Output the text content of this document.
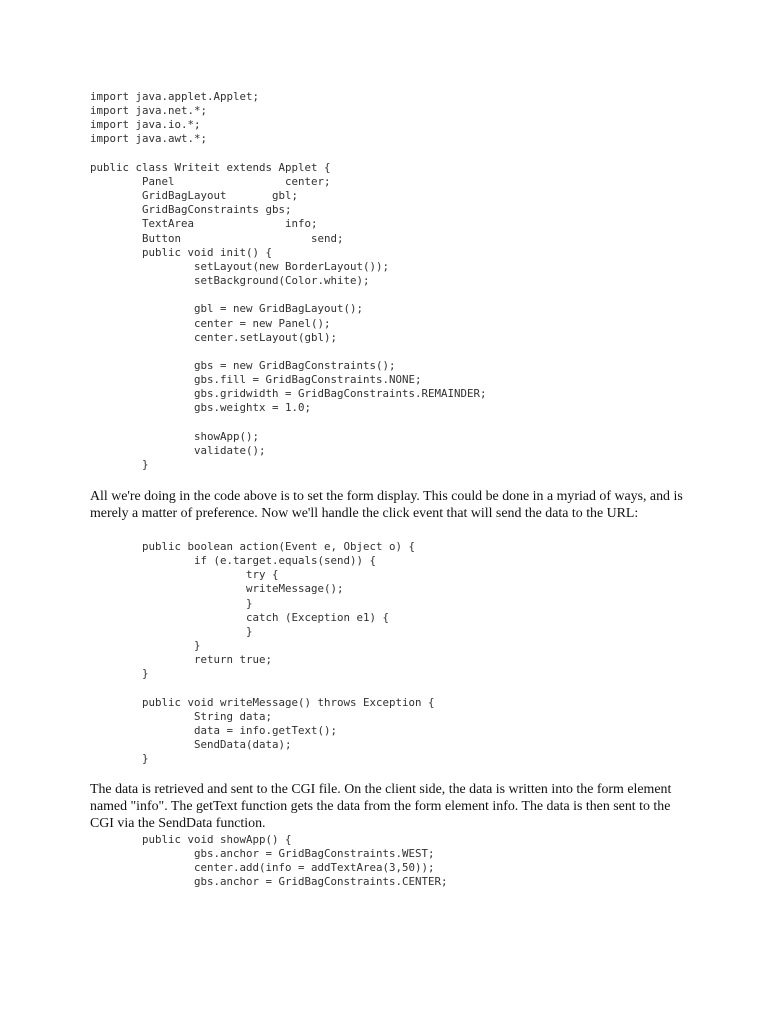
import java.applet.Applet;
import java.net.*;
import java.io.*;
import java.awt.*;

public class Writeit extends Applet {
Panel                 center;
GridBagLayout       gbl;
GridBagConstraints gbs;
TextArea              info;
Button                    send;
public void init() {
setLayout(new BorderLayout());
setBackground(Color.white);

gbl = new GridBagLayout();
center = new Panel();
center.setLayout(gbl);

gbs = new GridBagConstraints();
gbs.fill = GridBagConstraints.NONE;
gbs.gridwidth = GridBagConstraints.REMAINDER;
gbs.weightx = 1.0;

showApp();
validate();
}

All we're doing in the code above is to set the form display. This could be done in a myriad of ways, and is merely a matter of preference. Now we'll handle the click event that will send the data to the URL:

public boolean action(Event e, Object o) {
if (e.target.equals(send)) {
try {
writeMessage();
}
catch (Exception e1) {
}
}
return true;
}

public void writeMessage() throws Exception {
String data;
data = info.getText();
SendData(data);
}

The data is retrieved and sent to the CGI file. On the client side, the data is written into the form element named "info". The getText function gets the data from the form element info. The data is then sent to the CGI via the SendData function.

public void showApp() {
gbs.anchor = GridBagConstraints.WEST;
center.add(info = addTextArea(3,50));
gbs.anchor = GridBagConstraints.CENTER;
